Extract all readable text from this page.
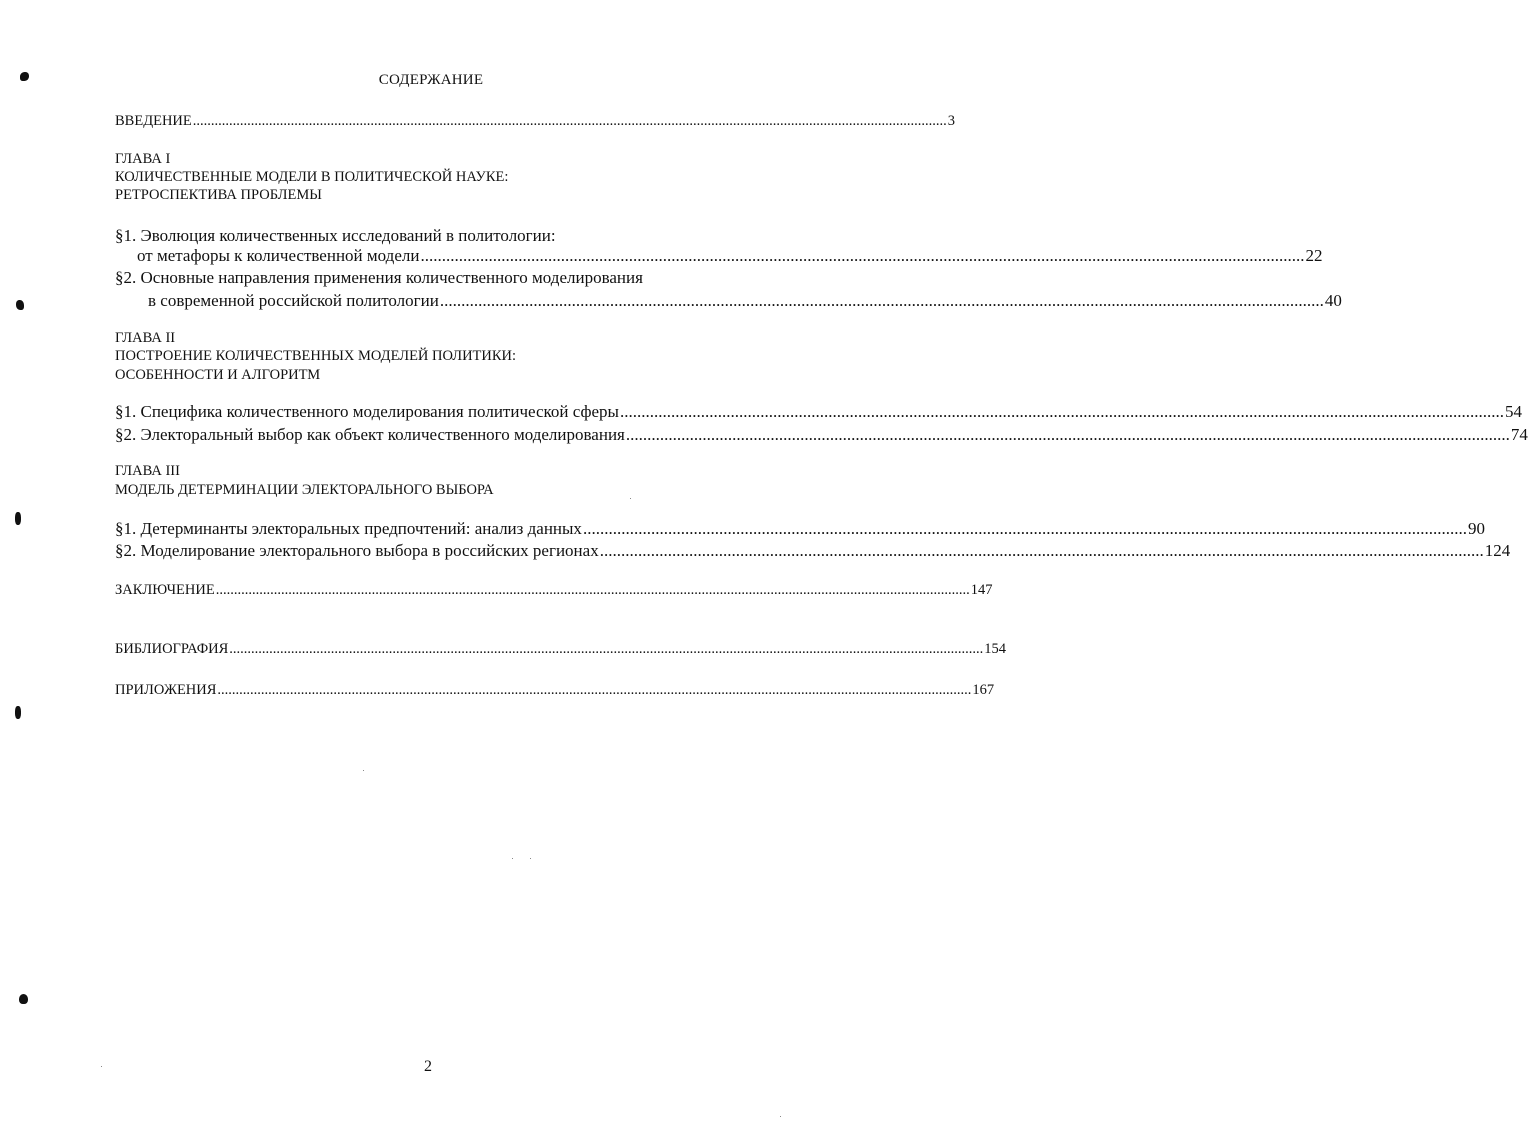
СОДЕРЖАНИЕ
ВВЕДЕНИЕ ................................................................................................................................................................................................................ 3
ГЛАВА I
КОЛИЧЕСТВЕННЫЕ МОДЕЛИ В ПОЛИТИЧЕСКОЙ НАУКЕ:
РЕТРОСПЕКТИВА ПРОБЛЕМЫ
§1. Эволюция количественных исследований в политологии:
от метафоры к количественной модели ................................................................................................................................................................................................................ 22
§2. Основные направления применения количественного моделирования
в современной российской политологии ................................................................................................................................................................................................................ 40
ГЛАВА II
ПОСТРОЕНИЕ КОЛИЧЕСТВЕННЫХ МОДЕЛЕЙ ПОЛИТИКИ:
ОСОБЕННОСТИ И АЛГОРИТМ
§1. Специфика количественного моделирования политической сферы ................................................................................................................................................................................................................ 54
§2. Электоральный выбор как объект количественного моделирования ................................................................................................................................................................................................................ 74
ГЛАВА III
МОДЕЛЬ ДЕТЕРМИНАЦИИ ЭЛЕКТОРАЛЬНОГО ВЫБОРА
§1. Детерминанты электоральных предпочтений: анализ данных ................................................................................................................................................................................................................ 90
§2. Моделирование электорального выбора в российских регионах ................................................................................................................................................................................................................ 124
ЗАКЛЮЧЕНИЕ ................................................................................................................................................................................................................ 147
БИБЛИОГРАФИЯ ................................................................................................................................................................................................................ 154
ПРИЛОЖЕНИЯ ................................................................................................................................................................................................................ 167
2
